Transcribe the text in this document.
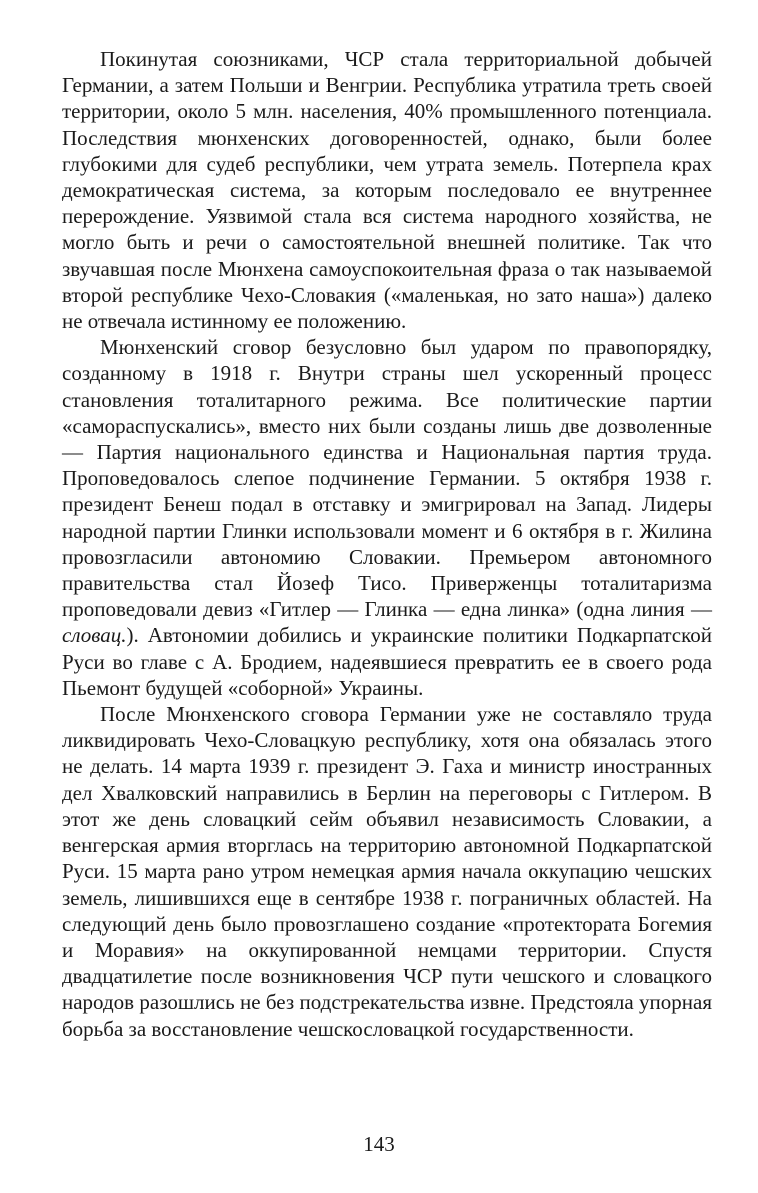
Покинутая союзниками, ЧСР стала территориальной добычей Германии, а затем Польши и Венгрии. Республика утратила треть своей территории, около 5 млн. населения, 40% промышленного потенциала. Последствия мюнхенских договоренностей, однако, были более глубокими для судеб республики, чем утрата земель. Потерпела крах демократическая система, за которым последовало ее внутреннее перерождение. Уязвимой стала вся система народного хозяйства, не могло быть и речи о самостоятельной внешней политике. Так что звучавшая после Мюнхена самоуспокоительная фраза о так называемой второй республике Чехо-Словакия («маленькая, но зато наша») далеко не отвечала истинному ее положению.

Мюнхенский сговор безусловно был ударом по правопорядку, созданному в 1918 г. Внутри страны шел ускоренный процесс становления тоталитарного режима. Все политические партии «самораспускались», вместо них были созданы лишь две дозволенные — Партия национального единства и Национальная партия труда. Проповедовалось слепое подчинение Германии. 5 октября 1938 г. президент Бенеш подал в отставку и эмигрировал на Запад. Лидеры народной партии Глинки использовали момент и 6 октября в г. Жилина провозгласили автономию Словакии. Премьером автономного правительства стал Йозеф Тисо. Приверженцы тоталитаризма проповедовали девиз «Гитлер — Глинка — една линка» (одна линия — словац.). Автономии добились и украинские политики Подкарпатской Руси во главе с А. Бродием, надеявшиеся превратить ее в своего рода Пьемонт будущей «соборной» Украины.

После Мюнхенского сговора Германии уже не составляло труда ликвидировать Чехо-Словацкую республику, хотя она обязалась этого не делать. 14 марта 1939 г. президент Э. Гаха и министр иностранных дел Хвалковский направились в Берлин на переговоры с Гитлером. В этот же день словацкий сейм объявил независимость Словакии, а венгерская армия вторглась на территорию автономной Подкарпатской Руси. 15 марта рано утром немецкая армия начала оккупацию чешских земель, лишившихся еще в сентябре 1938 г. пограничных областей. На следующий день было провозглашено создание «протектората Богемия и Моравия» на оккупированной немцами территории. Спустя двадцатилетие после возникновения ЧСР пути чешского и словацкого народов разошлись не без подстрекательства извне. Предстояла упорная борьба за восстановление чешскословацкой государственности.

143
